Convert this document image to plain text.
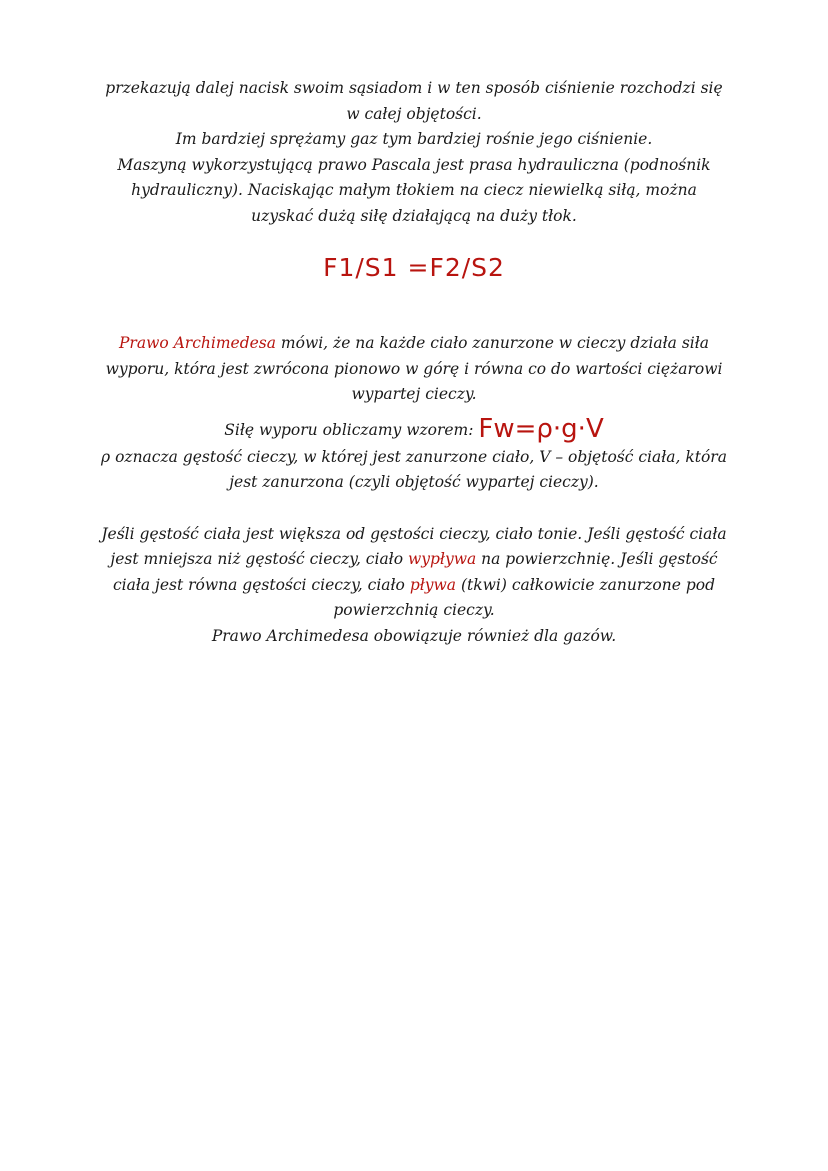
przekazują dalej nacisk swoim sąsiadom i w ten sposób ciśnienie rozchodzi się
w całej objętości.
Im bardziej sprężamy gaz tym bardziej rośnie jego ciśnienie.
Maszyną wykorzystującą prawo Pascala jest prasa hydrauliczna (podnośnik
hydrauliczny). Naciskając małym tłokiem na ciecz niewielką siłą, można
uzyskać dużą siłę działającą na duży tłok.
F1/S1 =F2/S2
Prawo Archimedesa mówi, że na każde ciało zanurzone w cieczy działa siła
wyporu, która jest zwrócona pionowo w górę i równa co do wartości ciężarowi
wypartej cieczy.
Siłę wyporu obliczamy wzorem: Fw=ρ·g·V
ρ oznacza gęstość cieczy, w której jest zanurzone ciało, V – objętość ciała, która
jest zanurzona (czyli objętość wypartej cieczy).
Jeśli gęstość ciała jest większa od gęstości cieczy, ciało tonie. Jeśli gęstość ciała
jest mniejsza niż gęstość cieczy, ciało wypływa na powierzchnię. Jeśli gęstość
ciała jest równa gęstości cieczy, ciało pływa (tkwi) całkowicie zanurzone pod
powierzchnią cieczy.
Prawo Archimedesa obowiązuje również dla gazów.
